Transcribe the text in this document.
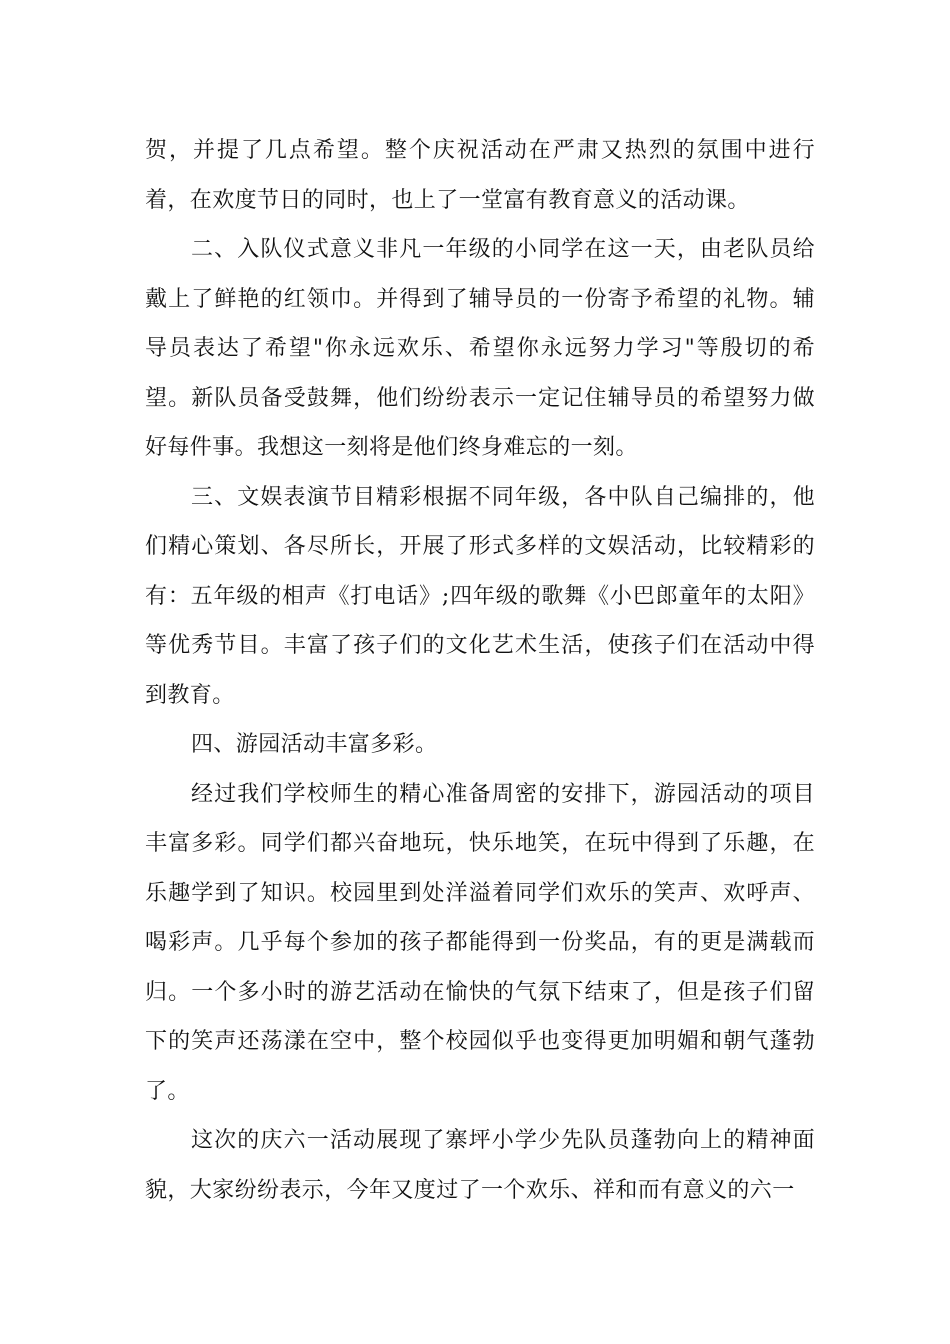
贺，并提了几点希望。整个庆祝活动在严肃又热烈的氛围中进行着，在欢度节日的同时，也上了一堂富有教育意义的活动课。

二、入队仪式意义非凡一年级的小同学在这一天，由老队员给戴上了鲜艳的红领巾。并得到了辅导员的一份寄予希望的礼物。辅导员表达了希望"你永远欢乐、希望你永远努力学习"等殷切的希望。新队员备受鼓舞，他们纷纷表示一定记住辅导员的希望努力做好每件事。我想这一刻将是他们终身难忘的一刻。

三、文娱表演节目精彩根据不同年级，各中队自己编排的，他们精心策划、各尽所长，开展了形式多样的文娱活动，比较精彩的有：五年级的相声《打电话》;四年级的歌舞《小巴郎童年的太阳》等优秀节目。丰富了孩子们的文化艺术生活，使孩子们在活动中得到教育。

四、游园活动丰富多彩。

经过我们学校师生的精心准备周密的安排下，游园活动的项目丰富多彩。同学们都兴奋地玩，快乐地笑，在玩中得到了乐趣，在乐趣学到了知识。校园里到处洋溢着同学们欢乐的笑声、欢呼声、喝彩声。几乎每个参加的孩子都能得到一份奖品，有的更是满载而归。一个多小时的游艺活动在愉快的气氛下结束了，但是孩子们留下的笑声还荡漾在空中，整个校园似乎也变得更加明媚和朝气蓬勃了。

这次的庆六一活动展现了寨坪小学少先队员蓬勃向上的精神面貌，大家纷纷表示，今年又度过了一个欢乐、祥和而有意义的六一
